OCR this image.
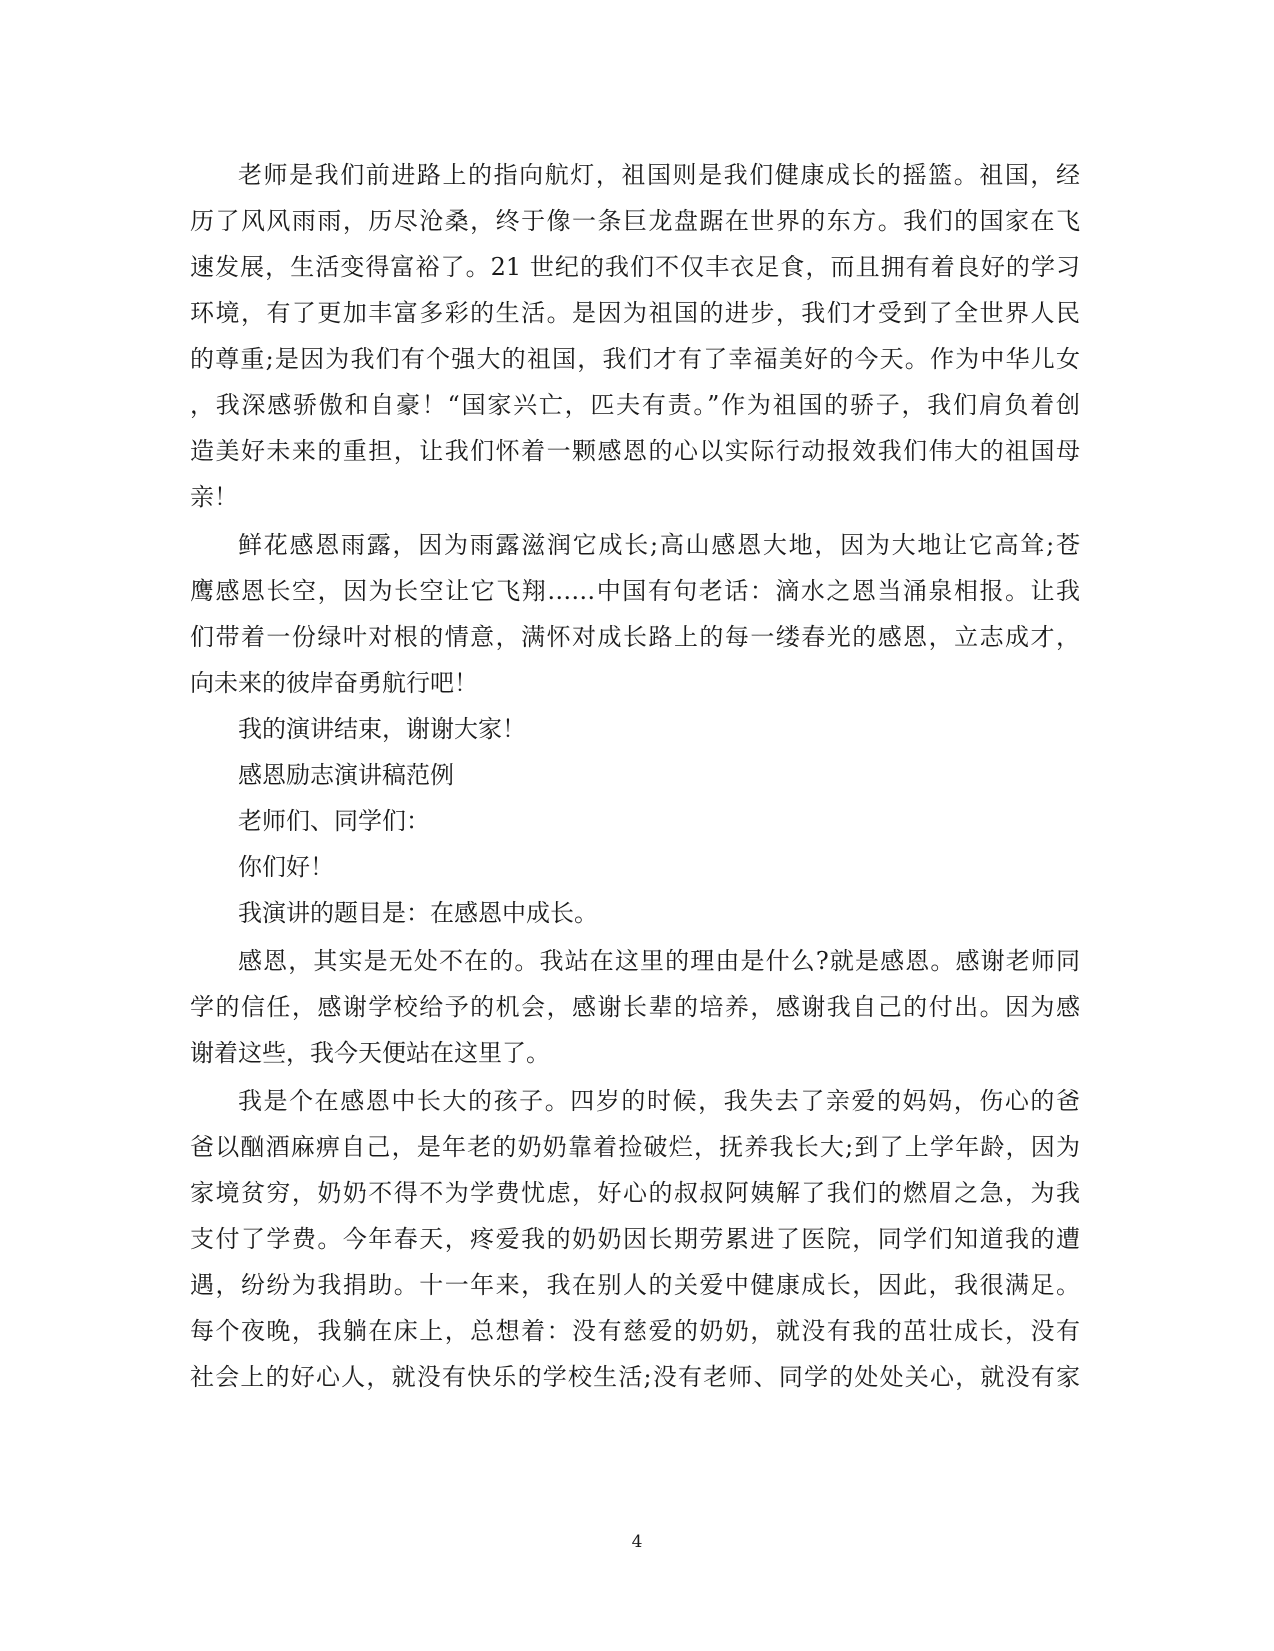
老师是我们前进路上的指向航灯，祖国则是我们健康成长的摇篮。祖国，经
历了风风雨雨，历尽沧桑，终于像一条巨龙盘踞在世界的东方。我们的国家在飞
速发展，生活变得富裕了。21 世纪的我们不仅丰衣足食，而且拥有着良好的学习
环境，有了更加丰富多彩的生活。是因为祖国的进步，我们才受到了全世界人民
的尊重;是因为我们有个强大的祖国，我们才有了幸福美好的今天。作为中华儿女
，我深感骄傲和自豪！“国家兴亡，匹夫有责。”作为祖国的骄子，我们肩负着创
造美好未来的重担，让我们怀着一颗感恩的心以实际行动报效我们伟大的祖国母
亲！
鲜花感恩雨露，因为雨露滋润它成长;高山感恩大地，因为大地让它高耸;苍
鹰感恩长空，因为长空让它飞翔……中国有句老话：滴水之恩当涌泉相报。让我
们带着一份绿叶对根的情意，满怀对成长路上的每一缕春光的感恩，立志成才，
向未来的彼岸奋勇航行吧！
我的演讲结束，谢谢大家！
感恩励志演讲稿范例
老师们、同学们：
你们好！
我演讲的题目是：在感恩中成长。
感恩，其实是无处不在的。我站在这里的理由是什么?就是感恩。感谢老师同
学的信任，感谢学校给予的机会，感谢长辈的培养，感谢我自己的付出。因为感
谢着这些，我今天便站在这里了。
我是个在感恩中长大的孩子。四岁的时候，我失去了亲爱的妈妈，伤心的爸
爸以酗酒麻痹自己，是年老的奶奶靠着捡破烂，抚养我长大;到了上学年龄，因为
家境贫穷，奶奶不得不为学费忧虑，好心的叔叔阿姨解了我们的燃眉之急，为我
支付了学费。今年春天，疼爱我的奶奶因长期劳累进了医院，同学们知道我的遭
遇，纷纷为我捐助。十一年来，我在别人的关爱中健康成长，因此，我很满足。
每个夜晚，我躺在床上，总想着：没有慈爱的奶奶，就没有我的茁壮成长，没有
社会上的好心人，就没有快乐的学校生活;没有老师、同学的处处关心，就没有家
4
